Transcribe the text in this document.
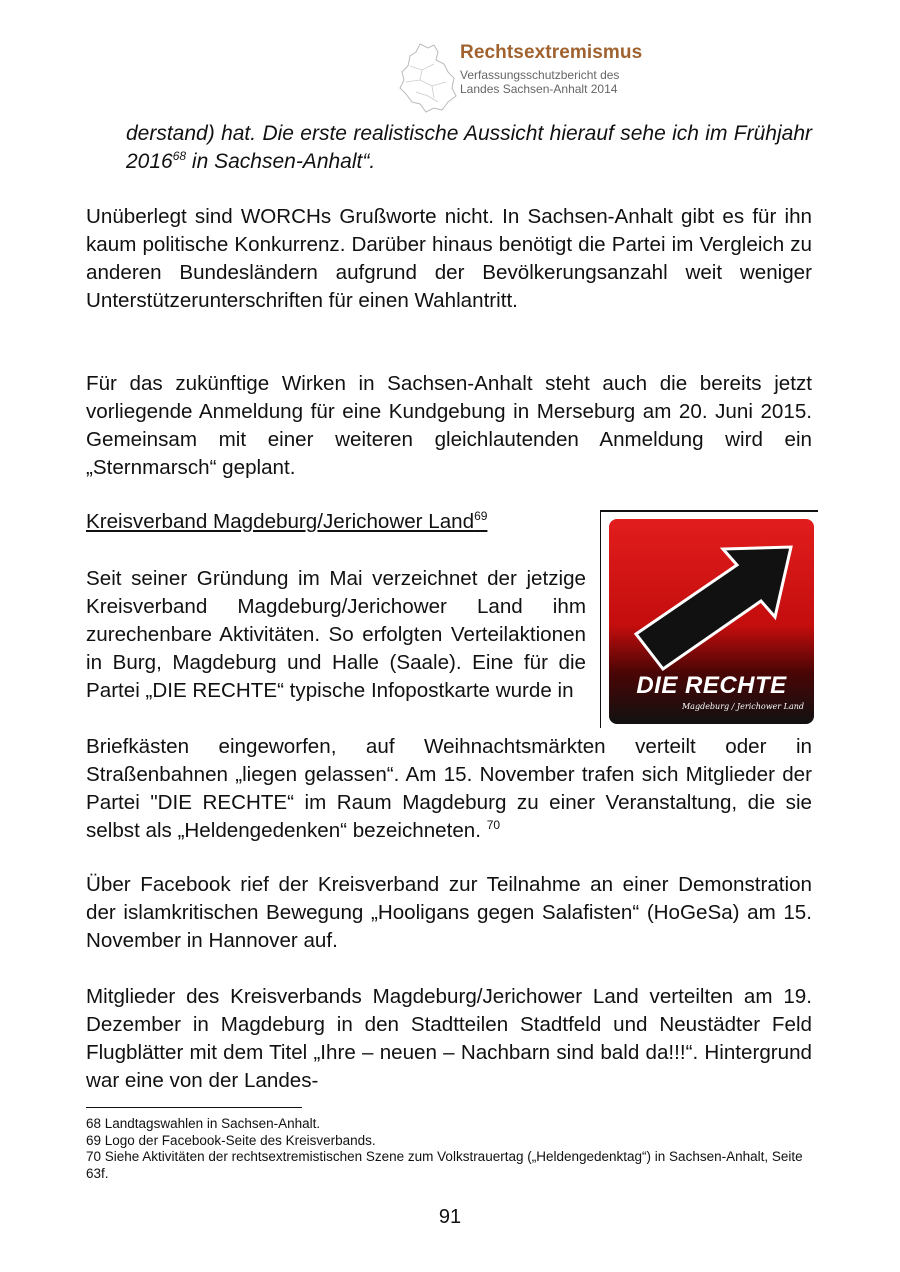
Rechtsextremismus
Verfassungsschutzbericht des
Landes Sachsen-Anhalt 2014
derstand) hat. Die erste realistische Aussicht hierauf sehe ich im Frühjahr 2016$^{68}$ in Sachsen-Anhalt“.
Unüberlegt sind WORCHs Grußworte nicht. In Sachsen-Anhalt gibt es für ihn kaum politische Konkurrenz. Darüber hinaus benötigt die Partei im Vergleich zu anderen Bundesländern aufgrund der Bevölkerungsanzahl weit weniger Unterstützerunterschriften für einen Wahlantritt.
Für das zukünftige Wirken in Sachsen-Anhalt steht auch die bereits jetzt vorliegende Anmeldung für eine Kundgebung in Merseburg am 20. Juni 2015. Gemeinsam mit einer weiteren gleichlautenden Anmeldung wird ein „Sternmarsch“ geplant.
Kreisverband Magdeburg/Jerichower Land$^{69}$
Seit seiner Gründung im Mai verzeichnet der jetzige Kreisverband Magdeburg/Jerichower Land ihm zurechenbare Aktivitäten. So erfolgten Verteilaktionen in Burg, Magdeburg und Halle (Saale). Eine für die Partei „DIE RECHTE“ typische Infopostkarte wurde in
Briefkästen eingeworfen, auf Weihnachtsmärkten verteilt oder in Straßenbahnen „liegen gelassen“. Am 15. November trafen sich Mitglieder der Partei "DIE RECHTE“ im Raum Magdeburg zu einer Veranstaltung, die sie selbst als „Heldengedenken“ bezeichneten. $^{70}$
DIE RECHTE
Magdeburg / Jerichower Land
Über Facebook rief der Kreisverband zur Teilnahme an einer Demonstration der islamkritischen Bewegung „Hooligans gegen Salafisten“ (HoGeSa) am 15. November in Hannover auf.
Mitglieder des Kreisverbands Magdeburg/Jerichower Land verteilten am 19. Dezember in Magdeburg in den Stadtteilen Stadtfeld und Neustädter Feld Flugblätter mit dem Titel „Ihre – neuen – Nachbarn sind bald da!!!“. Hintergrund war eine von der Landes-
68 Landtagswahlen in Sachsen-Anhalt.
69 Logo der Facebook-Seite des Kreisverbands.
70 Siehe Aktivitäten der rechtsextremistischen Szene zum Volkstrauertag („Heldengedenktag“) in Sachsen-Anhalt, Seite 63f.
91
